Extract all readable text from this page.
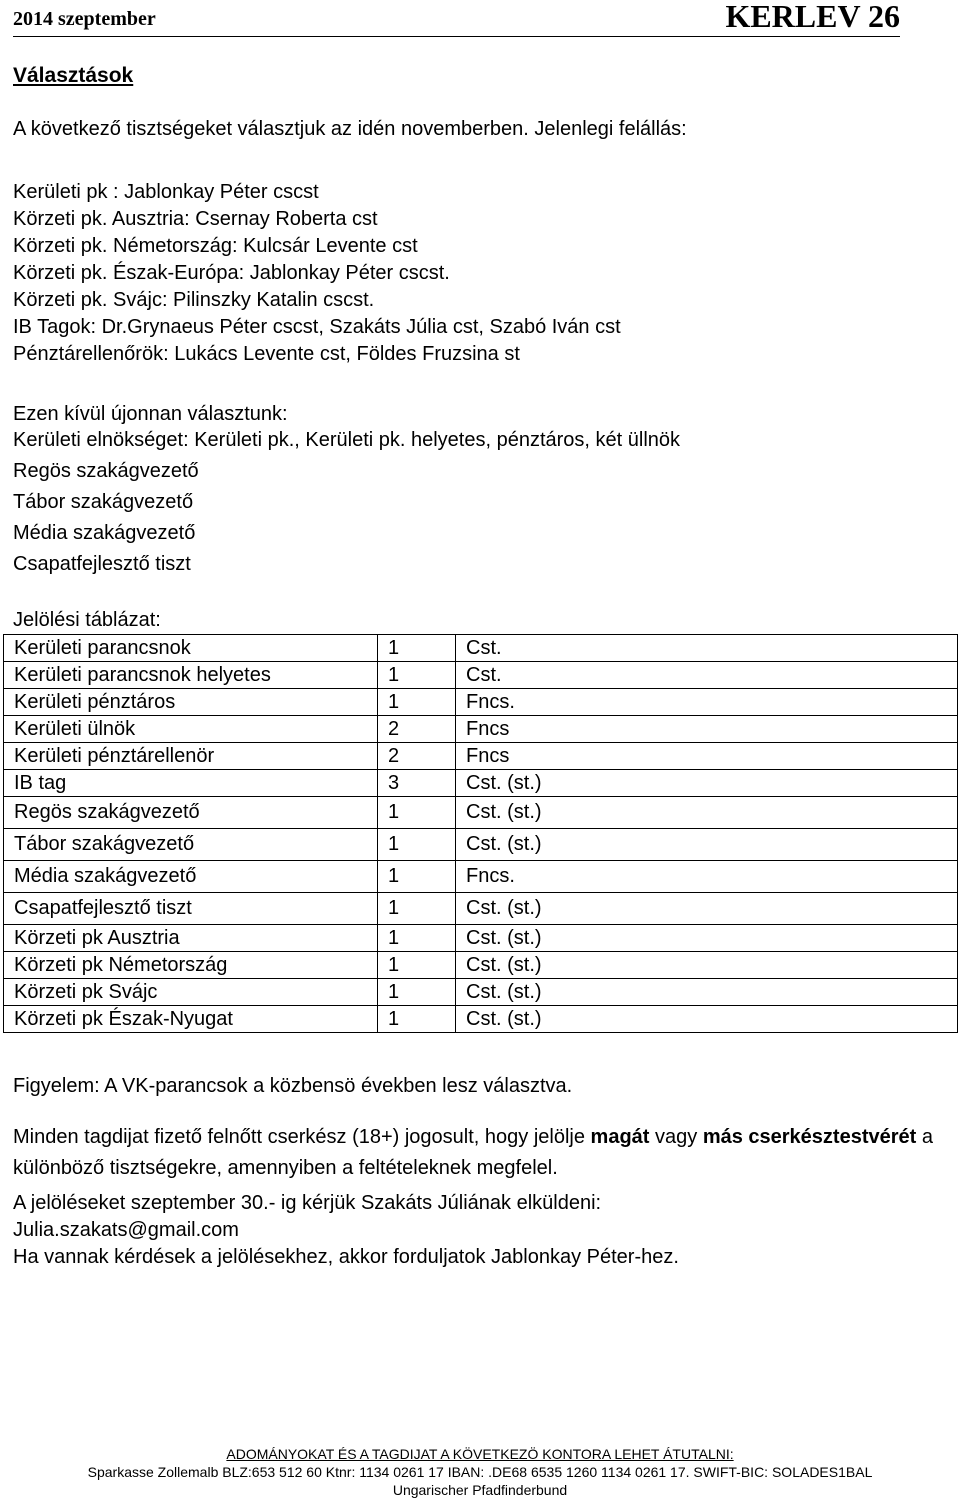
2014 szeptember	KERLEV 26
Választások
A következő tisztségeket választjuk az idén novemberben. Jelenlegi felállás:
Kerületi pk : Jablonkay Péter cscst
Körzeti pk. Ausztria: Csernay Roberta cst
Körzeti pk. Németország: Kulcsár Levente cst
Körzeti pk. Észak-Európa: Jablonkay Péter cscst.
Körzeti pk. Svájc: Pilinszky Katalin cscst.
IB Tagok: Dr.Grynaeus Péter cscst, Szakáts Júlia cst, Szabó Iván cst
Pénztárellenőrök: Lukács Levente cst, Földes Fruzsina st
Ezen kívül újonnan választunk:
Kerületi elnökséget: Kerületi pk., Kerületi pk. helyetes, pénztáros, két üllnök
Regös szakágvezető
Tábor szakágvezető
Média szakágvezető
Csapatfejlesztő tiszt
Jelölési táblázat:
Kerületi parancsnok	1	Cst.
Kerületi parancsnok helyetes	1	Cst.
Kerületi pénztáros	1	Fncs.
Kerületi ülnök	2	Fncs
Kerületi pénztárellenör	2	Fncs
IB tag	3	Cst. (st.)
Regös szakágvezető	1	Cst. (st.)
Tábor szakágvezető	1	Cst. (st.)
Média szakágvezető	1	Fncs.
Csapatfejlesztő tiszt	1	Cst. (st.)
Körzeti pk Ausztria	1	Cst. (st.)
Körzeti pk Németország	1	Cst. (st.)
Körzeti pk Svájc	1	Cst. (st.)
Körzeti pk Észak-Nyugat	1	Cst. (st.)
Figyelem: A VK-parancsok a közbensö években lesz választva.
Minden tagdijat fizető felnőtt cserkész (18+) jogosult, hogy jelölje magát vagy más cserkésztestvérét a különböző tisztségekre, amennyiben a feltételeknek megfelel.
A jelöléseket szeptember 30.- ig kérjük Szakáts Júliának elküldeni:
Julia.szakats@gmail.com
Ha vannak kérdések a jelölésekhez, akkor forduljatok Jablonkay Péter-hez.
ADOMÁNYOKAT ÉS A TAGDIJAT A KÖVETKEZÖ KONTORA LEHET ÁTUTALNI:
Sparkasse Zollemalb BLZ:653 512 60 Ktnr: 1134 0261 17 IBAN: .DE68 6535 1260 1134 0261 17. SWIFT-BIC: SOLADES1BAL
Ungarischer Pfadfinderbund
